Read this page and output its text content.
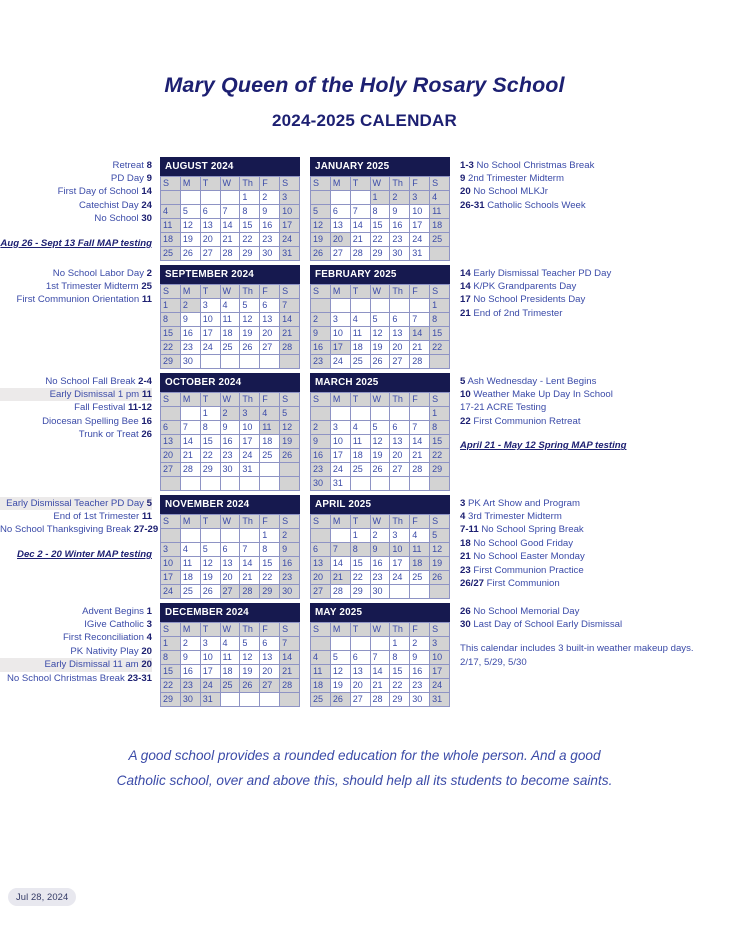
Mary Queen of the Holy Rosary School
2024-2025 CALENDAR
Retreat 8
PD Day 9
First Day of School 14
Catechist Day 24
No School 30
Aug 26 - Sept 13 Fall MAP testing
AUGUST 2024
S	M	T	W	Th	F	S
				1	2	3
4	5	6	7	8	9	10
11	12	13	14	15	16	17
18	19	20	21	22	23	24
25	26	27	28	29	30	31
JANUARY 2025
S	M	T	W	Th	F	S
			1	2	3	4
5	6	7	8	9	10	11
12	13	14	15	16	17	18
19	20	21	22	23	24	25
26	27	28	29	30	31	
1-3 No School Christmas Break
9 2nd Trimester Midterm
20 No School MLKJr
26-31 Catholic Schools Week
No School Labor Day 2
1st Trimester Midterm 25
First Communion Orientation 11
SEPTEMBER 2024
S	M	T	W	Th	F	S
1	2	3	4	5	6	7
8	9	10	11	12	13	14
15	16	17	18	19	20	21
22	23	24	25	26	27	28
29	30					
FEBRUARY 2025
S	M	T	W	Th	F	S
						1
2	3	4	5	6	7	8
9	10	11	12	13	14	15
16	17	18	19	20	21	22
23	24	25	26	27	28	
14 Early Dismissal Teacher PD Day
14 K/PK Grandparents Day
17 No School Presidents Day
21 End of 2nd Trimester
No School Fall Break 2-4
Early Dismissal 1 pm 11
Fall Festival 11-12
Diocesan Spelling Bee 16
Trunk or Treat 26
OCTOBER 2024
S	M	T	W	Th	F	S
		1	2	3	4	5
6	7	8	9	10	11	12
13	14	15	16	17	18	19
20	21	22	23	24	25	26
27	28	29	30	31		

MARCH 2025
S	M	T	W	Th	F	S
						1
2	3	4	5	6	7	8
9	10	11	12	13	14	15
16	17	18	19	20	21	22
23	24	25	26	27	28	29
30	31					
5 Ash Wednesday - Lent Begins
10 Weather Make Up Day In School
17-21 ACRE Testing
22 First Communion Retreat
April 21 - May 12 Spring MAP testing
Early Dismissal Teacher PD Day 5
End of 1st Trimester 11
No School Thanksgiving Break 27-29
Dec 2 - 20 Winter MAP testing
NOVEMBER 2024
S	M	T	W	Th	F	S
					1	2
3	4	5	6	7	8	9
10	11	12	13	14	15	16
17	18	19	20	21	22	23
24	25	26	27	28	29	30
APRIL 2025
S	M	T	W	Th	F	S
		1	2	3	4	5
6	7	8	9	10	11	12
13	14	15	16	17	18	19
20	21	22	23	24	25	26
27	28	29	30			
3 PK Art Show and Program
4 3rd Trimester Midterm
7-11 No School Spring Break
18 No School Good Friday
21 No School Easter Monday
23 First Communion Practice
26/27 First Communion
Advent Begins 1
IGive Catholic 3
First Reconciliation 4
PK Nativity Play 20
Early Dismissal 11 am 20
No School Christmas Break 23-31
DECEMBER 2024
S	M	T	W	Th	F	S
1	2	3	4	5	6	7
8	9	10	11	12	13	14
15	16	17	18	19	20	21
22	23	24	25	26	27	28
29	30	31				
MAY 2025
S	M	T	W	Th	F	S
				1	2	3
4	5	6	7	8	9	10
11	12	13	14	15	16	17
18	19	20	21	22	23	24
25	26	27	28	29	30	31
26 No School Memorial Day
30 Last Day of School Early Dismissal
This calendar includes 3 built-in weather makeup days.
2/17, 5/29, 5/30
A good school provides a rounded education for the whole person. And a good
Catholic school, over and above this, should help all its students to become saints.
Jul 28, 2024
